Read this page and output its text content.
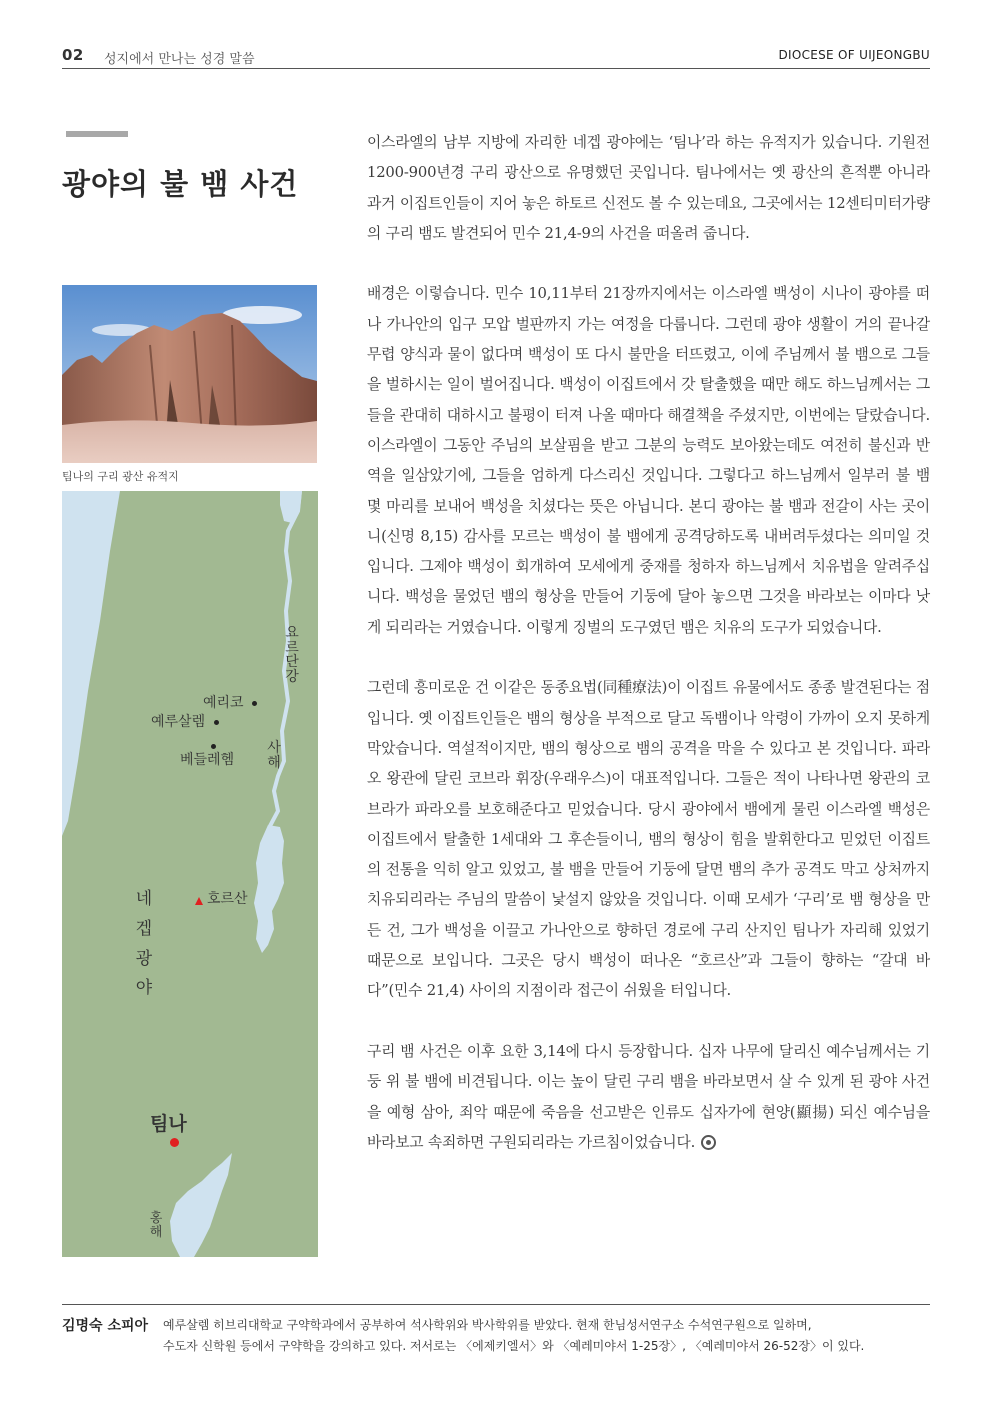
02 성지에서 만나는 성경 말씀	DIOCESE OF UIJEONGBU
광야의 불 뱀 사건
팀나의 구리 광산 유적지
요
르
단
강
예리코
예루살렘
베들레헴
사
해
네
겝
광
야
호르산
팀나
홍
해

이스라엘의 남부 지방에 자리한 네겝 광야에는 ‘팀나’라 하는 유적지가 있습니다. 기원전 1200-900년경 구리 광산으로 유명했던 곳입니다. 팀나에서는 옛 광산의 흔적뿐 아니라 과거 이집트인들이 지어 놓은 하토르 신전도 볼 수 있는데요, 그곳에서는 12센티미터가량의 구리 뱀도 발견되어 민수 21,4-9의 사건을 떠올려 줍니다.

배경은 이렇습니다. 민수 10,11부터 21장까지에서는 이스라엘 백성이 시나이 광야를 떠나 가나안의 입구 모압 벌판까지 가는 여정을 다룹니다. 그런데 광야 생활이 거의 끝나갈 무렵 양식과 물이 없다며 백성이 또 다시 불만을 터뜨렸고, 이에 주님께서 불 뱀으로 그들을 벌하시는 일이 벌어집니다. 백성이 이집트에서 갓 탈출했을 때만 해도 하느님께서는 그들을 관대히 대하시고 불평이 터져 나올 때마다 해결책을 주셨지만, 이번에는 달랐습니다. 이스라엘이 그동안 주님의 보살핌을 받고 그분의 능력도 보아왔는데도 여전히 불신과 반역을 일삼았기에, 그들을 엄하게 다스리신 것입니다. 그렇다고 하느님께서 일부러 불 뱀 몇 마리를 보내어 백성을 치셨다는 뜻은 아닙니다. 본디 광야는 불 뱀과 전갈이 사는 곳이니(신명 8,15) 감사를 모르는 백성이 불 뱀에게 공격당하도록 내버려두셨다는 의미일 것입니다. 그제야 백성이 회개하여 모세에게 중재를 청하자 하느님께서 치유법을 알려주십니다. 백성을 물었던 뱀의 형상을 만들어 기둥에 달아 놓으면 그것을 바라보는 이마다 낫게 되리라는 거였습니다. 이렇게 징벌의 도구였던 뱀은 치유의 도구가 되었습니다.

그런데 흥미로운 건 이같은 동종요법(同種療法)이 이집트 유물에서도 종종 발견된다는 점입니다. 옛 이집트인들은 뱀의 형상을 부적으로 달고 독뱀이나 악령이 가까이 오지 못하게 막았습니다. 역설적이지만, 뱀의 형상으로 뱀의 공격을 막을 수 있다고 본 것입니다. 파라오 왕관에 달린 코브라 휘장(우래우스)이 대표적입니다. 그들은 적이 나타나면 왕관의 코브라가 파라오를 보호해준다고 믿었습니다. 당시 광야에서 뱀에게 물린 이스라엘 백성은 이집트에서 탈출한 1세대와 그 후손들이니, 뱀의 형상이 힘을 발휘한다고 믿었던 이집트의 전통을 익히 알고 있었고, 불 뱀을 만들어 기둥에 달면 뱀의 추가 공격도 막고 상처까지 치유되리라는 주님의 말씀이 낯설지 않았을 것입니다. 이때 모세가 ‘구리’로 뱀 형상을 만든 건, 그가 백성을 이끌고 가나안으로 향하던 경로에 구리 산지인 팀나가 자리해 있었기 때문으로 보입니다. 그곳은 당시 백성이 떠나온 “호르산”과 그들이 향하는 “갈대 바다”(민수 21,4) 사이의 지점이라 접근이 쉬웠을 터입니다.

구리 뱀 사건은 이후 요한 3,14에 다시 등장합니다. 십자 나무에 달리신 예수님께서는 기둥 위 불 뱀에 비견됩니다. 이는 높이 달린 구리 뱀을 바라보면서 살 수 있게 된 광야 사건을 예형 삼아, 죄악 때문에 죽음을 선고받은 인류도 십자가에 현양(顯揚) 되신 예수님을 바라보고 속죄하면 구원되리라는 가르침이었습니다.

김명숙 소피아 예루살렘 히브리대학교 구약학과에서 공부하여 석사학위와 박사학위를 받았다. 현재 한님성서연구소 수석연구원으로 일하며,
수도자 신학원 등에서 구약학을 강의하고 있다. 저서로는 〈에제키엘서〉와 〈예레미야서 1-25장〉, 〈예레미야서 26-52장〉이 있다.
